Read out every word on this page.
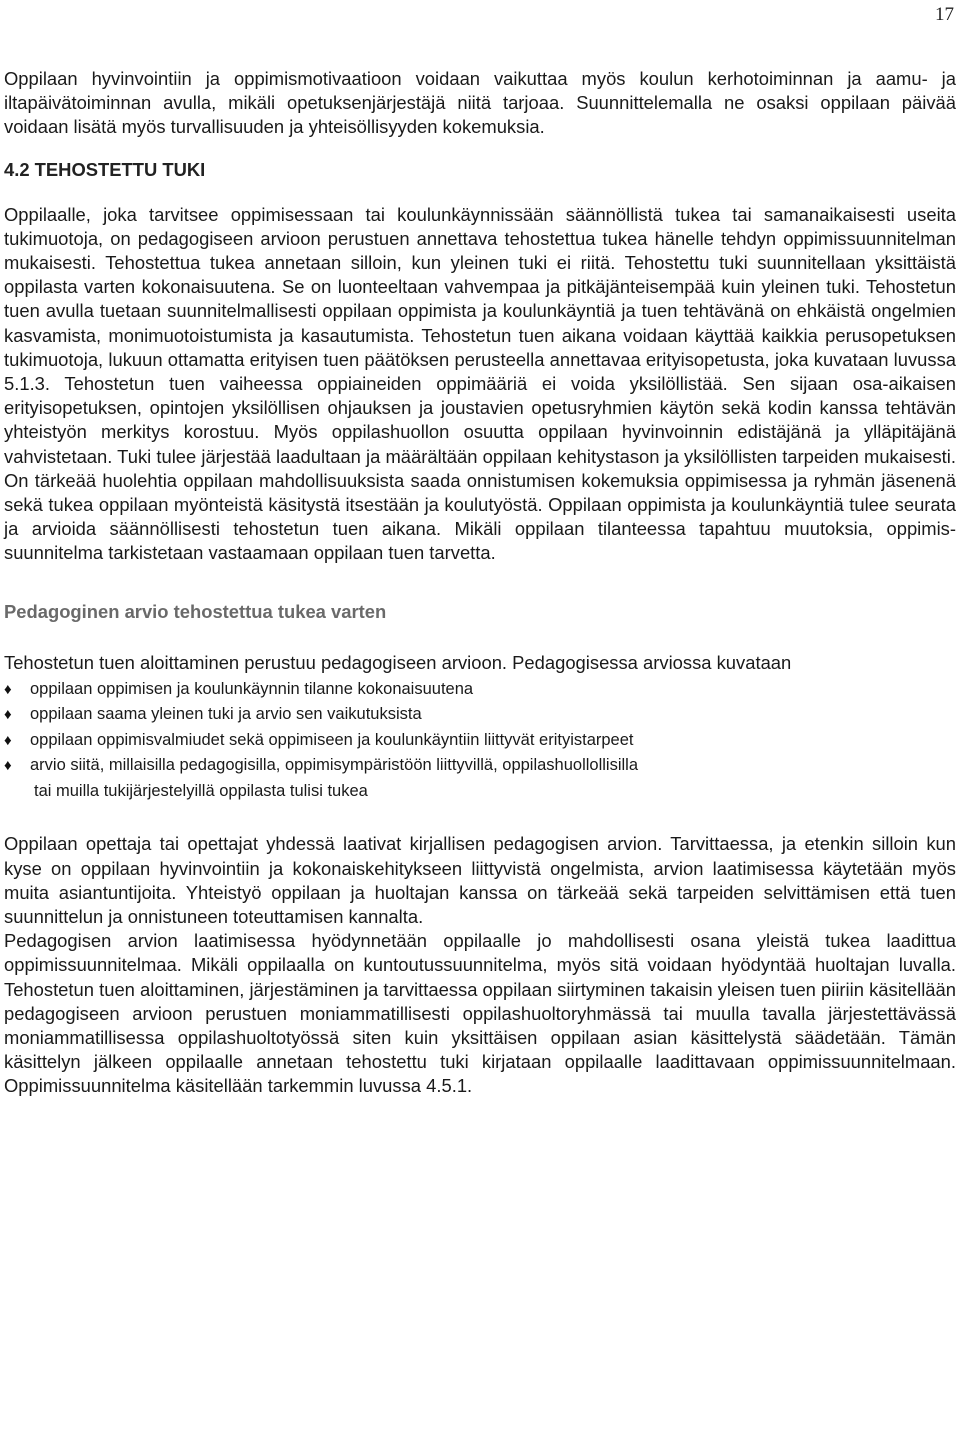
17

Oppilaan hyvinvointiin ja oppimismotivaatioon voidaan vaikuttaa myös koulun kerhotoiminnan ja aamu- ja iltapäivätoiminnan avulla, mikäli opetuksenjärjestäjä niitä tarjoaa. Suunnittelemalla ne osaksi oppilaan päivää voidaan lisätä myös turvallisuuden ja yhteisöllisyyden kokemuksia.

4.2 TEHOSTETTU TUKI

Oppilaalle, joka tarvitsee oppimisessaan tai koulunkäynnissään säännöllistä tukea tai samanaikaisesti useita tukimuotoja, on pedagogiseen arvioon perustuen annettava tehostettua tukea hänelle tehdyn oppimissuunnitelman mukaisesti. Tehostettua tukea annetaan silloin, kun yleinen tuki ei riitä. Tehostettu tuki suunnitellaan yksittäistä oppilasta varten kokonaisuutena. Se on luonteeltaan vahvempaa ja pitkäjänteisempää kuin yleinen tuki. Tehostetun tuen avulla tuetaan suunnitelmallisesti oppilaan oppimista ja koulunkäyntiä ja tuen tehtävänä on ehkäistä ongelmien kasvamista, monimuotoistumista ja kasautumista. Tehostetun tuen aikana voidaan käyttää kaikkia perusopetuksen tukimuotoja, lukuun ottamatta erityisen tuen päätöksen perusteella annettavaa erityisopetusta, joka kuvataan luvussa 5.1.3. Tehostetun tuen vaiheessa oppiaineiden oppimääriä ei voida yksilöllistää. Sen sijaan osa-aikaisen erityisopetuksen, opintojen yksilöllisen ohjauksen ja joustavien opetusryhmien käytön sekä kodin kanssa tehtävän yhteistyön merkitys korostuu. Myös oppilashuollon osuutta oppilaan hyvinvoinnin edistäjänä ja ylläpitäjänä vahvistetaan. Tuki tulee järjestää laadultaan ja määrältään oppilaan kehitystason ja yksilöllisten tarpeiden mukaisesti. On tärkeää huolehtia oppilaan mahdollisuuksista saada onnistumisen kokemuksia oppimisessa ja ryhmän jäsenenä sekä tukea oppilaan myönteistä käsitystä itsestään ja koulutyöstä. Oppilaan oppimista ja koulunkäyntiä tulee seurata ja arvioida säännöllisesti tehostetun tuen aikana. Mikäli oppilaan tilanteessa tapahtuu muutoksia, oppimissuunnitelma tarkistetaan vastaamaan oppilaan tuen tarvetta.

Pedagoginen arvio tehostettua tukea varten

Tehostetun tuen aloittaminen perustuu pedagogiseen arvioon. Pedagogisessa arviossa kuvataan

♦ oppilaan oppimisen ja koulunkäynnin tilanne kokonaisuutena
♦ oppilaan saama yleinen tuki ja arvio sen vaikutuksista
♦ oppilaan oppimisvalmiudet sekä oppimiseen ja koulunkäyntiin liittyvät erityistarpeet
♦ arvio siitä, millaisilla pedagogisilla, oppimisympäristöön liittyvillä, oppilashuollollisilla
tai muilla tukijärjestelyillä oppilasta tulisi tukea

Oppilaan opettaja tai opettajat yhdessä laativat kirjallisen pedagogisen arvion. Tarvittaessa, ja etenkin silloin kun kyse on oppilaan hyvinvointiin ja kokonaiskehitykseen liittyvistä ongelmista, arvion laatimisessa käytetään myös muita asiantuntijoita. Yhteistyö oppilaan ja huoltajan kanssa on tärkeää sekä tarpeiden selvittämisen että tuen suunnittelun ja onnistuneen toteuttamisen kannalta.

Pedagogisen arvion laatimisessa hyödynnetään oppilaalle jo mahdollisesti osana yleistä tukea laadittua oppimissuunnitelmaa. Mikäli oppilaalla on kuntoutussuunnitelma, myös sitä voidaan hyödyntää huoltajan luvalla. Tehostetun tuen aloittaminen, järjestäminen ja tarvittaessa oppilaan siirtyminen takaisin yleisen tuen piiriin käsitellään pedagogiseen arvioon perustuen moniammatillisesti oppilashuoltoryhmässä tai muulla tavalla järjestettävässä moniammatillisessa oppilashuoltotyössä siten kuin yksittäisen oppilaan asian käsittelystä säädetään. Tämän käsittelyn jälkeen oppilaalle annetaan tehostettu tuki kirjataan oppilaalle laadittavaan oppimissuunnitelmaan. Oppimissuunnitelma käsitellään tarkemmin luvussa 4.5.1.
